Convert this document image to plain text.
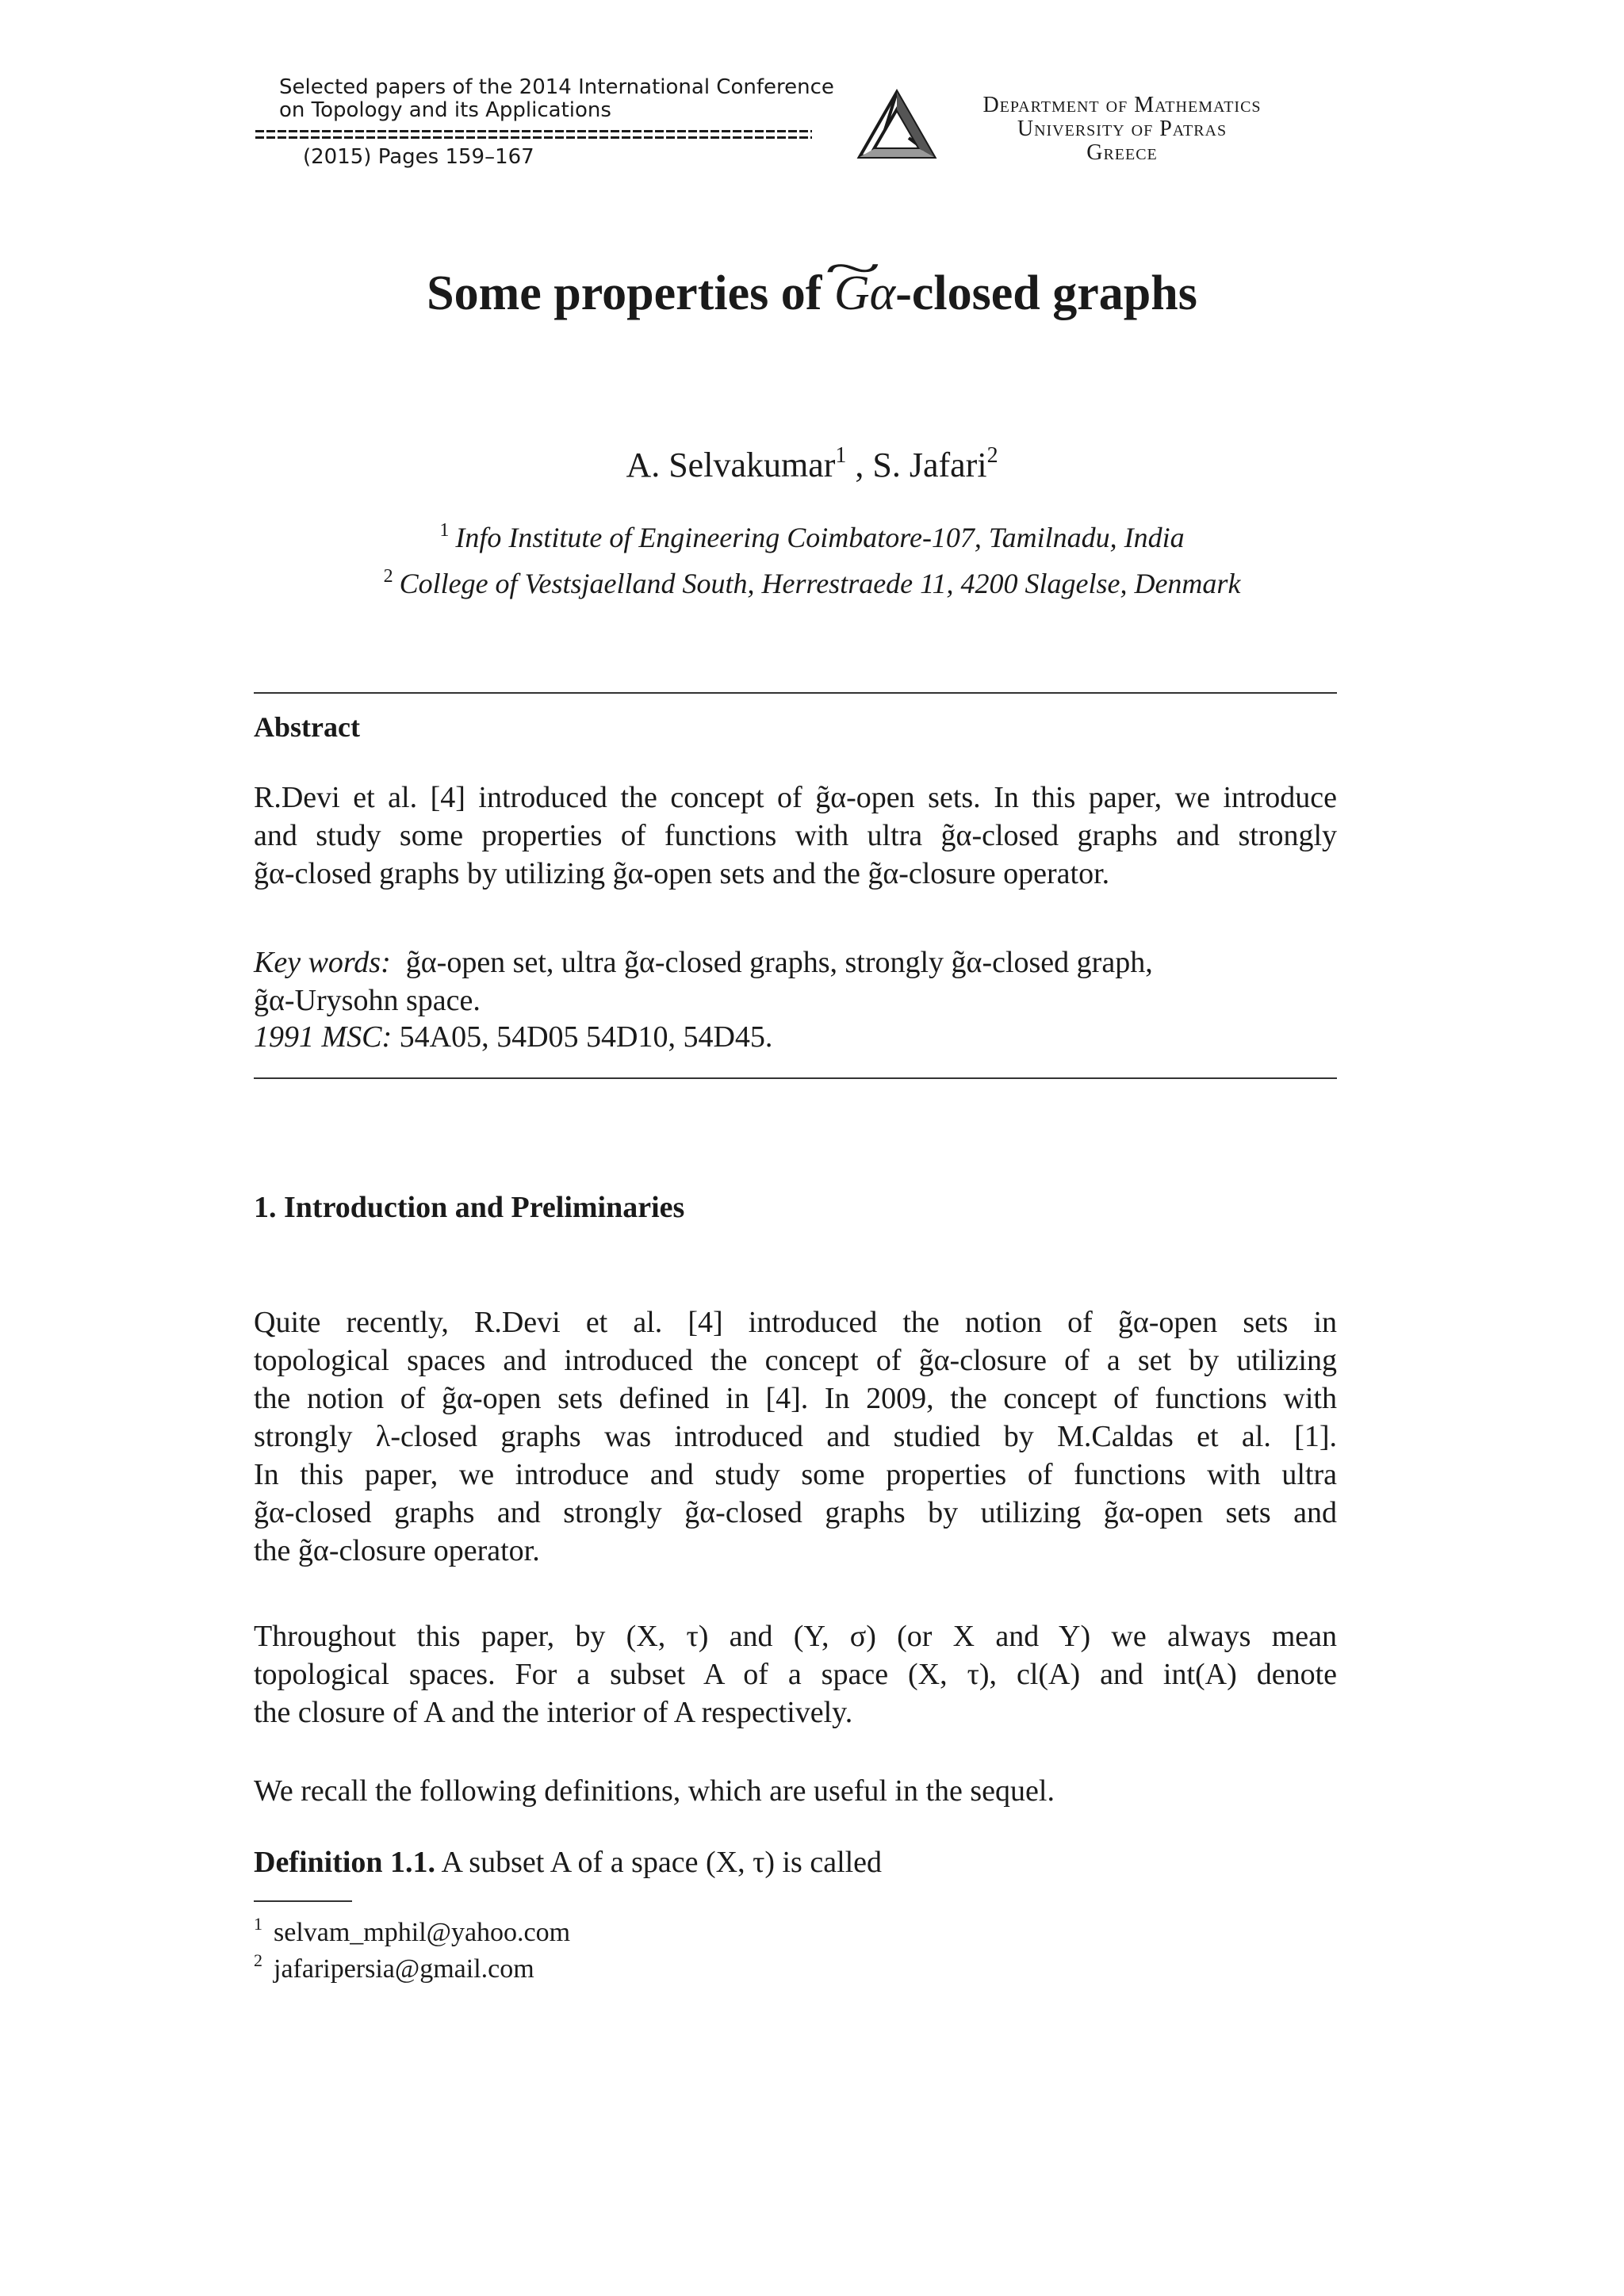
Selected papers of the 2014 International Conference
on Topology and its Applications
(2015) Pages 159–167
Department of Mathematics
University of Patras
Greece
Some properties of ~ Gα-closed graphs
A. Selvakumar$^1$ , S. Jafari$^2$
$^1$ Info Institute of Engineering Coimbatore-107, Tamilnadu, India
$^2$ College of Vestsjaelland South, Herrestraede 11, 4200 Slagelse, Denmark
Abstract
R.Devi et al. [4] introduced the concept of g̃α-open sets. In this paper, we introduce
and study some properties of functions with ultra g̃α-closed graphs and strongly
g̃α-closed graphs by utilizing g̃α-open sets and the g̃α-closure operator.
Key words: g̃α-open set, ultra g̃α-closed graphs, strongly g̃α-closed graph,
g̃α-Urysohn space.
1991 MSC: 54A05, 54D05 54D10, 54D45.
1. Introduction and Preliminaries
Quite recently, R.Devi et al. [4] introduced the notion of g̃α-open sets in
topological spaces and introduced the concept of g̃α-closure of a set by utilizing
the notion of g̃α-open sets defined in [4]. In 2009, the concept of functions with
strongly λ-closed graphs was introduced and studied by M.Caldas et al. [1].
In this paper, we introduce and study some properties of functions with ultra
g̃α-closed graphs and strongly g̃α-closed graphs by utilizing g̃α-open sets and
the g̃α-closure operator.
Throughout this paper, by (X, τ) and (Y, σ) (or X and Y) we always mean
topological spaces. For a subset A of a space (X, τ), cl(A) and int(A) denote
the closure of A and the interior of A respectively.
We recall the following definitions, which are useful in the sequel.
Definition 1.1. A subset A of a space (X, τ) is called
$^1$ selvam_mphil@yahoo.com
$^2$ jafaripersia@gmail.com
